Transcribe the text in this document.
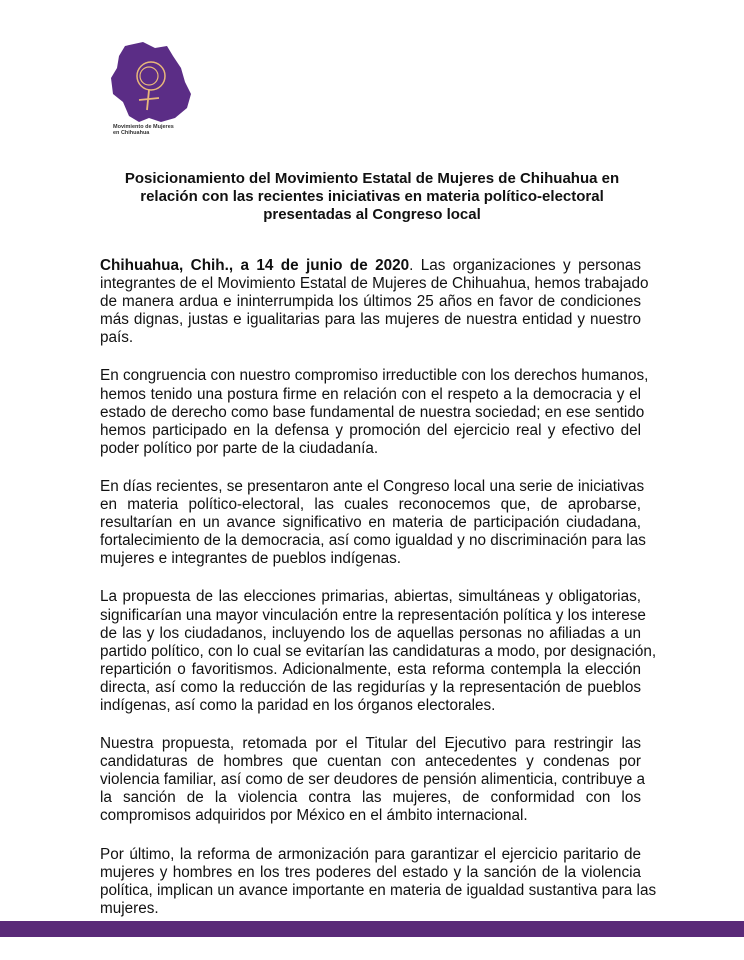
Movimiento de Mujeres
en Chihuahua
Posicionamiento del Movimiento Estatal de Mujeres de Chihuahua en
relación con las recientes iniciativas en materia político-electoral
presentadas al Congreso local
Chihuahua, Chih., a 14 de junio de 2020. Las organizaciones y personas
integrantes de el Movimiento Estatal de Mujeres de Chihuahua, hemos trabajado
de manera ardua e ininterrumpida los últimos 25 años en favor de condiciones
más dignas, justas e igualitarias para las mujeres de nuestra entidad y nuestro
país.
En congruencia con nuestro compromiso irreductible con los derechos humanos,
hemos tenido una postura firme en relación con el respeto a la democracia y el
estado de derecho como base fundamental de nuestra sociedad; en ese sentido
hemos participado en la defensa y promoción del ejercicio real y efectivo del
poder político por parte de la ciudadanía.
En días recientes, se presentaron ante el Congreso local una serie de iniciativas
en materia político-electoral, las cuales reconocemos que, de aprobarse,
resultarían en un avance significativo en materia de participación ciudadana,
fortalecimiento de la democracia, así como igualdad y no discriminación para las
mujeres e integrantes de pueblos indígenas.
La propuesta de las elecciones primarias, abiertas, simultáneas y obligatorias,
significarían una mayor vinculación entre la representación política y los interese
de las y los ciudadanos, incluyendo los de aquellas personas no afiliadas a un
partido político, con lo cual se evitarían las candidaturas a modo, por designación,
repartición o favoritismos. Adicionalmente, esta reforma contempla la elección
directa, así como la reducción de las regidurías y la representación de pueblos
indígenas, así como la paridad en los órganos electorales.
Nuestra propuesta, retomada por el Titular del Ejecutivo para restringir las
candidaturas de hombres que cuentan con antecedentes y condenas por
violencia familiar, así como de ser deudores de pensión alimenticia, contribuye a
la sanción de la violencia contra las mujeres, de conformidad con los
compromisos adquiridos por México en el ámbito internacional.
Por último, la reforma de armonización para garantizar el ejercicio paritario de
mujeres y hombres en los tres poderes del estado y la sanción de la violencia
política, implican un avance importante en materia de igualdad sustantiva para las
mujeres.
